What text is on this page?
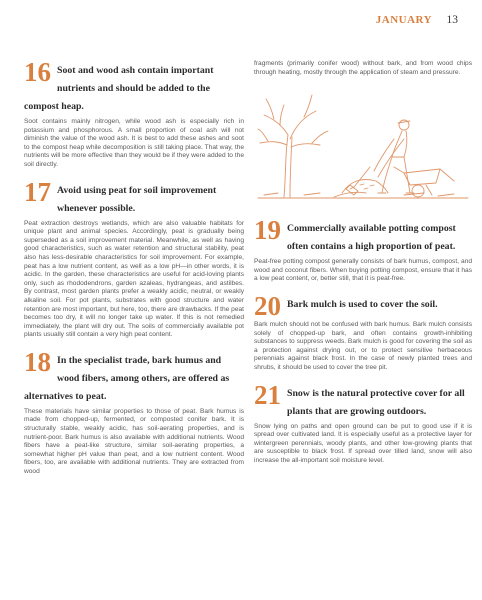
JANUARY 13
16 Soot and wood ash contain important nutrients and should be added to the compost heap.

Soot contains mainly nitrogen, while wood ash is especially rich in potassium and phosphorous. A small proportion of coal ash will not diminish the value of the wood ash. It is best to add these ashes and soot to the compost heap while decomposition is still taking place. That way, the nutrients will be more effective than they would be if they were added to the soil directly.

17 Avoid using peat for soil improvement whenever possible.

Peat extraction destroys wetlands, which are also valuable habitats for unique plant and animal species. Accordingly, peat is gradually being superseded as a soil improvement material. Meanwhile, as well as having good characteristics, such as water retention and structural stability, peat also has less-desirable characteristics for soil improvement. For example, peat has a low nutrient content, as well as a low pH—in other words, it is acidic. In the garden, these characteristics are useful for acid-loving plants only, such as rhododendrons, garden azaleas, hydrangeas, and astilbes. By contrast, most garden plants prefer a weakly acidic, neutral, or weakly alkaline soil. For pot plants, substrates with good structure and water retention are most important, but here, too, there are drawbacks. If the peat becomes too dry, it will no longer take up water. If this is not remedied immediately, the plant will dry out. The soils of commercially available pot plants usually still contain a very high peat content.

18 In the specialist trade, bark humus and wood fibers, among others, are offered as alternatives to peat.

These materials have similar properties to those of peat. Bark humus is made from chopped-up, fermented, or composted conifer bark. It is structurally stable, weakly acidic, has soil-aerating properties, and is nutrient-poor. Bark humus is also available with additional nutrients. Wood fibers have a peat-like structure, similar soil-aerating properties, a somewhat higher pH value than peat, and a low nutrient content. Wood fibers, too, are available with additional nutrients. They are extracted from wood

fragments (primarily conifer wood) without bark, and from wood chips through heating, mostly through the application of steam and pressure.

19 Commercially available potting compost often contains a high proportion of peat.

Peat-free potting compost generally consists of bark humus, compost, and wood and coconut fibers. When buying potting compost, ensure that it has a low peat content, or, better still, that it is peat-free.

20 Bark mulch is used to cover the soil.

Bark mulch should not be confused with bark humus. Bark mulch consists solely of chopped-up bark, and often contains growth-inhibiting substances to suppress weeds. Bark mulch is good for covering the soil as a protection against drying out, or to protect sensitive herbaceous perennials against black frost. In the case of newly planted trees and shrubs, it should be used to cover the tree pit.

21 Snow is the natural protective cover for all plants that are growing outdoors.

Snow lying on paths and open ground can be put to good use if it is spread over cultivated land. It is especially useful as a protective layer for wintergreen perennials, woody plants, and other low-growing plants that are susceptible to black frost. If spread over tilled land, snow will also increase the all-important soil moisture level.
